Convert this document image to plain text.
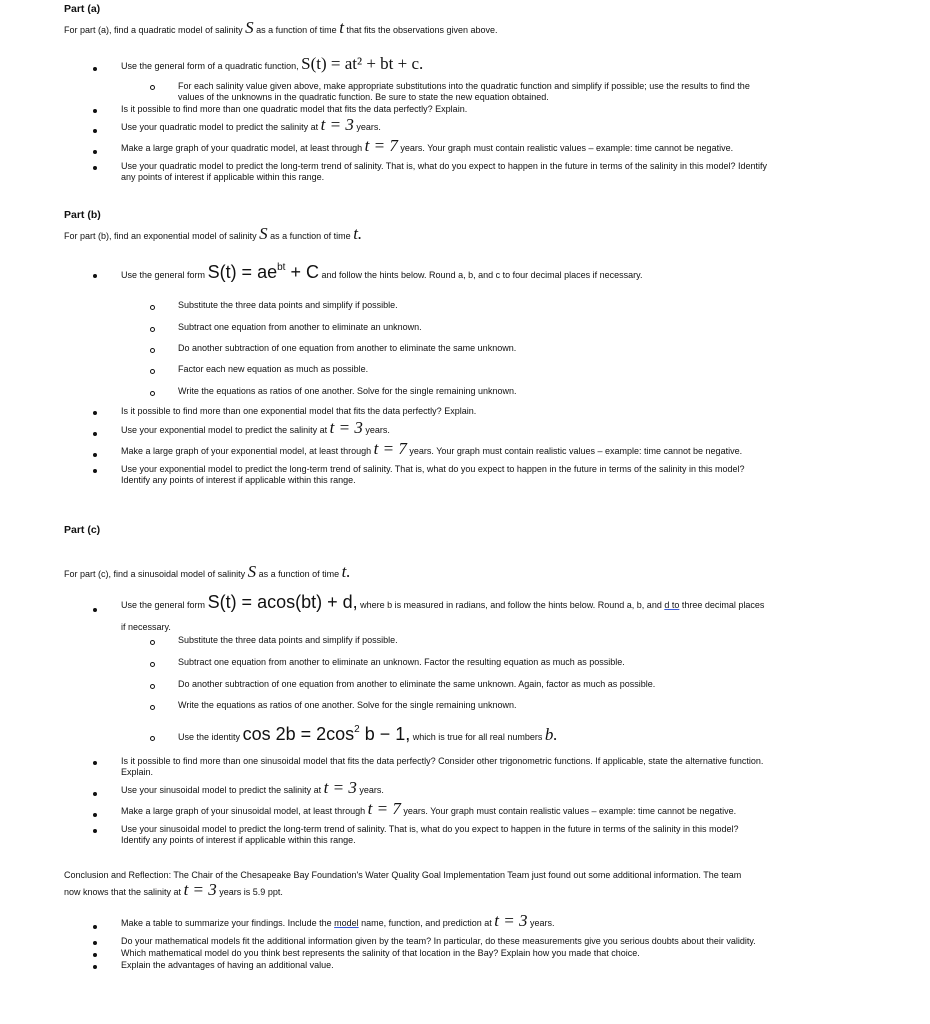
Part (a)
For part (a), find a quadratic model of salinity S as a function of time t that fits the observations given above.
Use the general form of a quadratic function, S(t) = at² + bt + c.
For each salinity value given above, make appropriate substitutions into the quadratic function and simplify if possible; use the results to find the
values of the unknowns in the quadratic function. Be sure to state the new equation obtained.
Is it possible to find more than one quadratic model that fits the data perfectly? Explain.
Use your quadratic model to predict the salinity at t = 3 years.
Make a large graph of your quadratic model, at least through t = 7 years. Your graph must contain realistic values – example: time cannot be negative.
Use your quadratic model to predict the long-term trend of salinity. That is, what do you expect to happen in the future in terms of the salinity in this model? Identify
any points of interest if applicable within this range.
Part (b)
For part (b), find an exponential model of salinity S as a function of time t.
Use the general form $S(t) = ae^{bt} + C$ and follow the hints below. Round a, b, and c to four decimal places if necessary.
Substitute the three data points and simplify if possible.
Subtract one equation from another to eliminate an unknown.
Do another subtraction of one equation from another to eliminate the same unknown.
Factor each new equation as much as possible.
Write the equations as ratios of one another. Solve for the single remaining unknown.
Is it possible to find more than one exponential model that fits the data perfectly? Explain.
Use your exponential model to predict the salinity at t = 3 years.
Make a large graph of your exponential model, at least through t = 7 years. Your graph must contain realistic values – example: time cannot be negative.
Use your exponential model to predict the long-term trend of salinity. That is, what do you expect to happen in the future in terms of the salinity in this model?
Identify any points of interest if applicable within this range.
Part (c)
For part (c), find a sinusoidal model of salinity S as a function of time t.
Use the general form S(t) = acos(bt) + d, where b is measured in radians, and follow the hints below. Round a, b, and d to three decimal places
if necessary.
Substitute the three data points and simplify if possible.
Subtract one equation from another to eliminate an unknown. Factor the resulting equation as much as possible.
Do another subtraction of one equation from another to eliminate the same unknown. Again, factor as much as possible.
Write the equations as ratios of one another. Solve for the single remaining unknown.
Use the identity $\cos 2b = 2\cos^2$ b − 1, which is true for all real numbers b.
Is it possible to find more than one sinusoidal model that fits the data perfectly? Consider other trigonometric functions. If applicable, state the alternative function.
Explain.
Use your sinusoidal model to predict the salinity at t = 3 years.
Make a large graph of your sinusoidal model, at least through t = 7 years. Your graph must contain realistic values – example: time cannot be negative.
Use your sinusoidal model to predict the long-term trend of salinity. That is, what do you expect to happen in the future in terms of the salinity in this model?
Identify any points of interest if applicable within this range.
Conclusion and Reflection: The Chair of the Chesapeake Bay Foundation's Water Quality Goal Implementation Team just found out some additional information. The team
now knows that the salinity at t = 3 years is 5.9 ppt.
Make a table to summarize your findings. Include the model name, function, and prediction at t = 3 years.
Do your mathematical models fit the additional information given by the team? In particular, do these measurements give you serious doubts about their validity.
Which mathematical model do you think best represents the salinity of that location in the Bay? Explain how you made that choice.
Explain the advantages of having an additional value.
